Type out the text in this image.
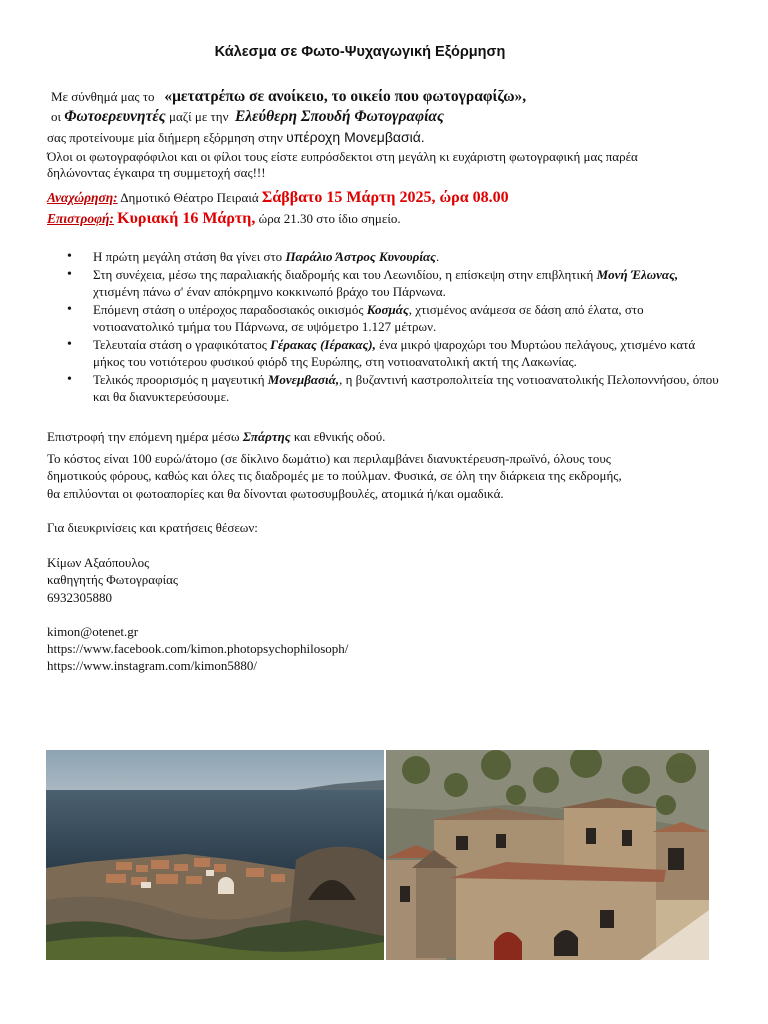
Κάλεσμα σε Φωτο-Ψυχαγωγική Εξόρμηση
Με σύνθημά μας το «μετατρέπω σε ανοίκειο, το οικείο που φωτογραφίζω»,
οι Φωτοερευνητές μαζί με την Ελεύθερη Σπουδή Φωτογραφίας
σας προτείνουμε μία διήμερη εξόρμηση στην υπέροχη Μονεμβασιά.
Όλοι οι φωτογραφόφιλοι και οι φίλοι τους είστε ευπρόσδεκτοι στη μεγάλη κι ευχάριστη φωτογραφική μας παρέα
δηλώνοντας έγκαιρα τη συμμετοχή σας!!!
Αναχώρηση: Δημοτικό Θέατρο Πειραιά Σάββατο 15 Μάρτη 2025, ώρα 08.00
Επιστροφή: Κυριακή 16 Μάρτη, ώρα 21.30 στο ίδιο σημείο.
• Η πρώτη μεγάλη στάση θα γίνει στο Παράλιο Άστρος Κυνουρίας.
• Στη συνέχεια, μέσω της παραλιακής διαδρομής και του Λεωνιδίου, η επίσκεψη στην επιβλητική Μονή Έλωνας, χτισμένη πάνω σ' έναν απόκρημνο κοκκινωπό βράχο του Πάρνωνα.
• Επόμενη στάση ο υπέροχος παραδοσιακός οικισμός Κοσμάς, χτισμένος ανάμεσα σε δάση από έλατα, στο νοτιοανατολικό τμήμα του Πάρνωνα, σε υψόμετρο 1.127 μέτρων.
• Τελευταία στάση ο γραφικότατος Γέρακας (Ιέρακας), ένα μικρό ψαροχώρι του Μυρτώου πελάγους, χτισμένο κατά μήκος του νοτιότερου φυσικού φιόρδ της Ευρώπης, στη νοτιοανατολική ακτή της Λακωνίας.
• Τελικός προορισμός η μαγευτική Μονεμβασιά,, η βυζαντινή καστροπολιτεία της νοτιοανατολικής Πελοποννήσου, όπου και θα διανυκτερεύσουμε.
Επιστροφή την επόμενη ημέρα μέσω Σπάρτης και εθνικής οδού.
Το κόστος είναι 100 ευρώ/άτομο (σε δίκλινο δωμάτιο) και περιλαμβάνει διανυκτέρευση-πρωϊνό, όλους τους
δημοτικούς φόρους, καθώς και όλες τις διαδρομές με το πούλμαν. Φυσικά, σε όλη την διάρκεια της εκδρομής,
θα επιλύονται οι φωτοαπορίες και θα δίνονται φωτοσυμβουλές, ατομικά ή/και ομαδικά.
Για διευκρινίσεις και κρατήσεις θέσεων:
Κίμων Αξαόπουλος
καθηγητής Φωτογραφίας
6932305880
kimon@otenet.gr
https://www.facebook.com/kimon.photopsychophilosoph/
https://www.instagram.com/kimon5880/
